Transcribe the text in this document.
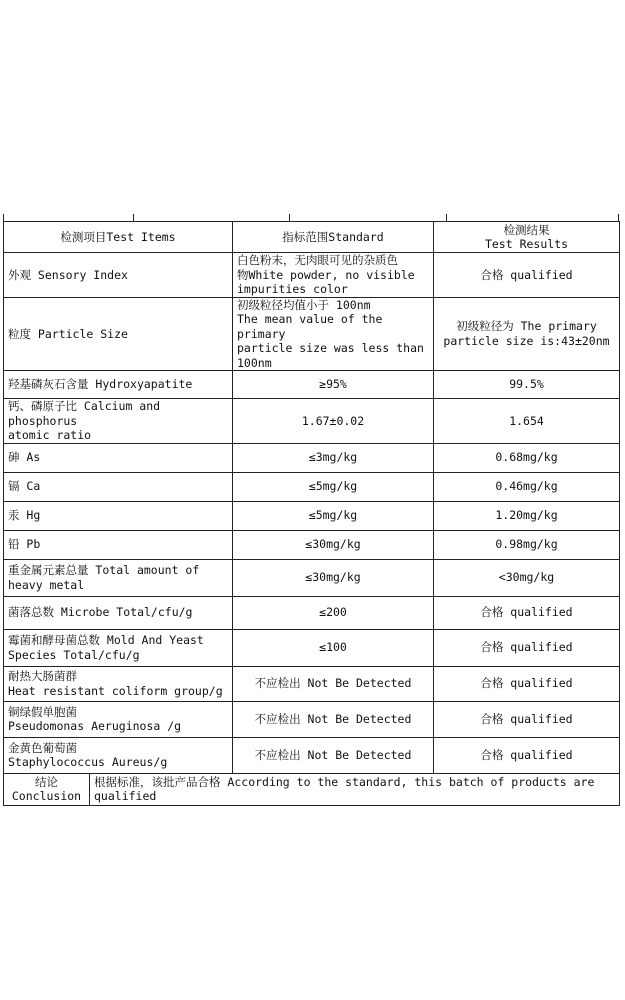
检测项目Test Items		指标范围Standard	检测结果
Test Results

外观 Sensory Index		白色粉末，无肉眼可见的杂质色
物White powder, no visible
impurities color	合格 qualified

粒度 Particle Size		初级粒径均值小于 100nm
The mean value of the primary
particle size was less than
100nm	初级粒径为 The primary
particle size is:43±20nm

羟基磷灰石含量 Hydroxyapatite		≥95%	99.5%

钙、磷原子比 Calcium and phosphorus
atomic ratio		1.67±0.02	1.654

砷 As		≤3mg/kg	0.68mg/kg

镉 Ca		≤5mg/kg	0.46mg/kg

汞 Hg		≤5mg/kg	1.20mg/kg

铅 Pb		≤30mg/kg	0.98mg/kg

重金属元素总量 Total amount of
heavy metal		≤30mg/kg	<30mg/kg

菌落总数 Microbe Total/cfu/g		≤200	合格 qualified

霉菌和酵母菌总数 Mold And Yeast
Species Total/cfu/g		≤100	合格 qualified

耐热大肠菌群
Heat resistant coliform group/g		不应检出 Not Be Detected	合格 qualified

铜绿假单胞菌
Pseudomonas Aeruginosa /g		不应检出 Not Be Detected	合格 qualified

金黄色葡萄菌
Staphylococcus Aureus/g		不应检出 Not Be Detected	合格 qualified

结论
Conclusion	根据标准，该批产品合格 According to the standard, this batch of products are
qualified		
